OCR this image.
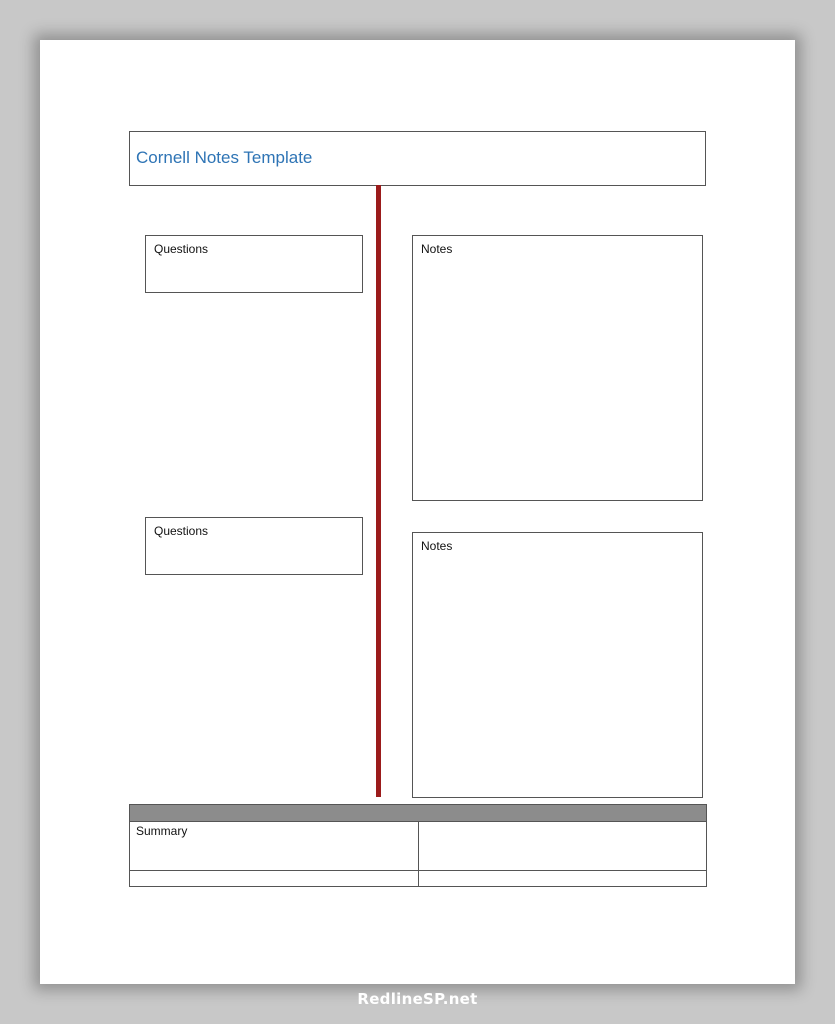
Cornell Notes Template
Questions	Notes
Questions
Notes
Summary
RedlineSP.net
